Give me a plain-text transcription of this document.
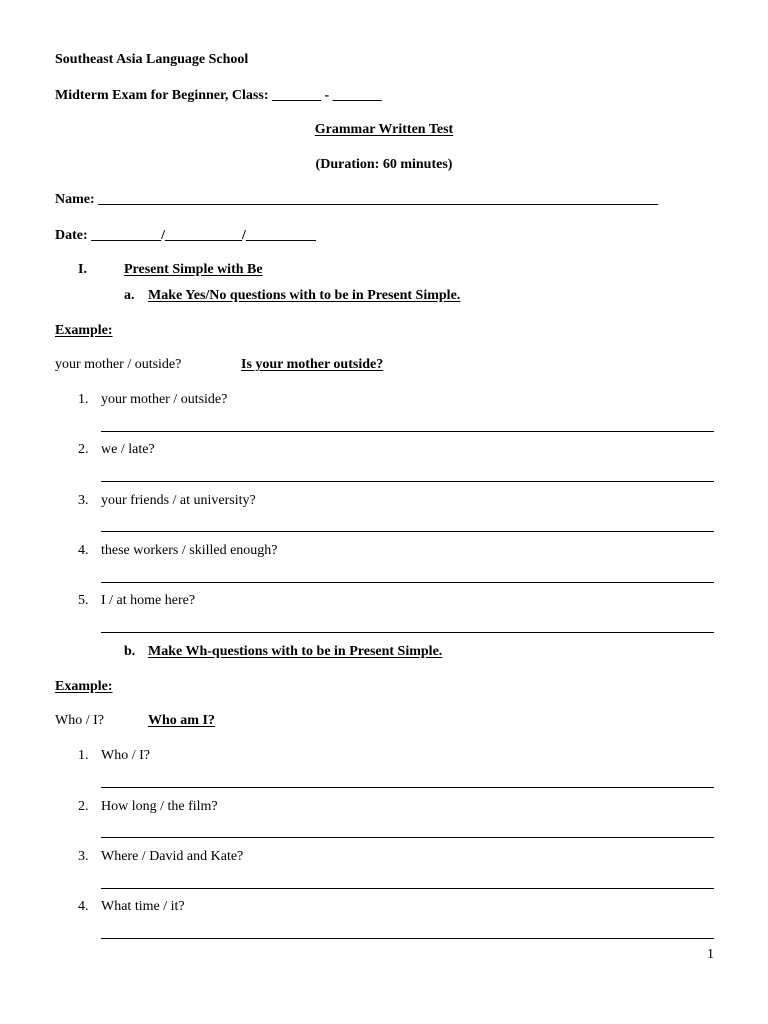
Southeast Asia Language School
Midterm Exam for Beginner, Class: _______ - _______
Grammar Written Test
(Duration: 60 minutes)
Name: ________________________________________________________________________________
Date: __________/___________/__________
I.	Present Simple with Be
a. Make Yes/No questions with to be in Present Simple.
Example:
your mother / outside?	Is your mother outside?
1. your mother / outside?
2. we / late?
3. your friends / at university?
4. these workers / skilled enough?
5. I / at home here?
b. Make Wh-questions with to be in Present Simple.
Example:
Who / I?	Who am I?
1. Who / I?
2. How long / the film?
3. Where / David and Kate?
4. What time / it?
1
